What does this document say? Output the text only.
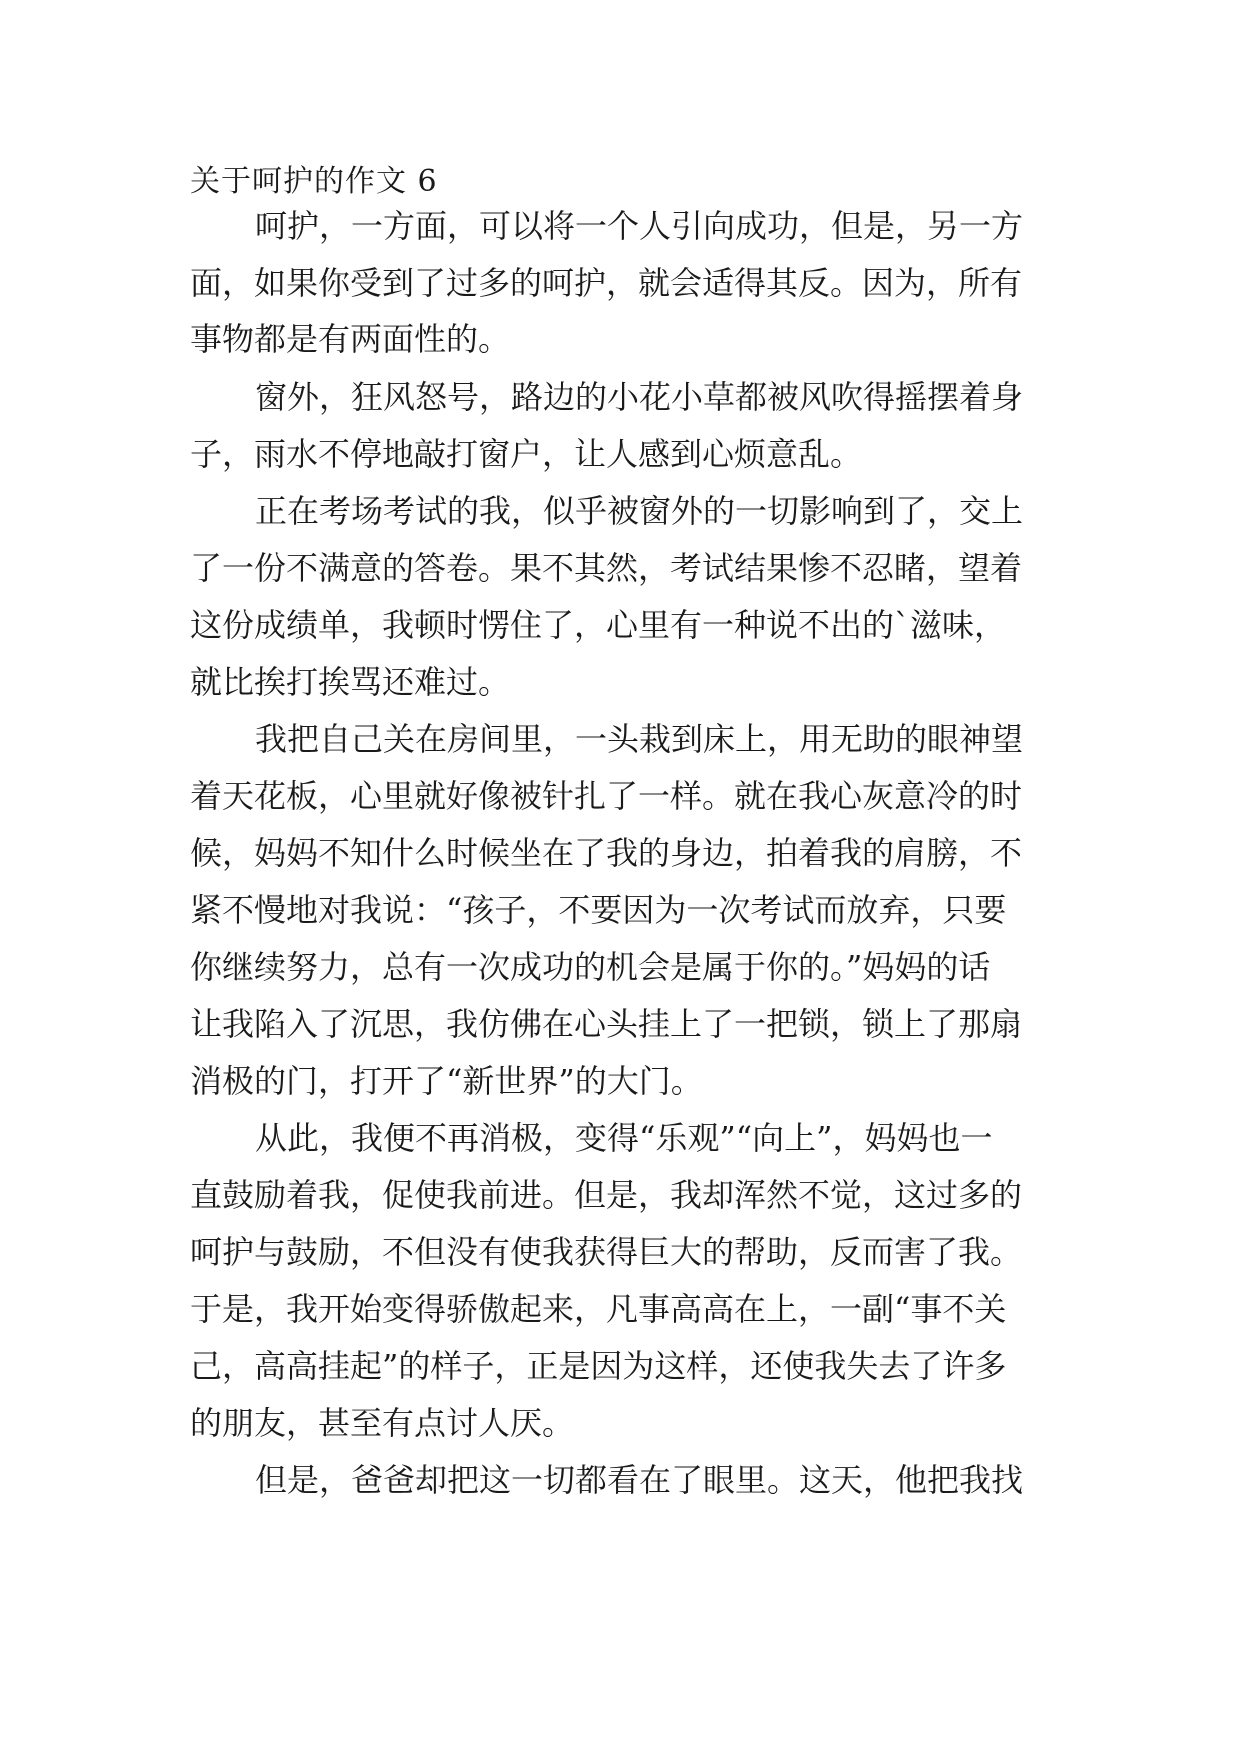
关于呵护的作文 6
呵护，一方面，可以将一个人引向成功，但是，另一方
面，如果你受到了过多的呵护，就会适得其反。因为，所有
事物都是有两面性的。
窗外，狂风怒号，路边的小花小草都被风吹得摇摆着身
子，雨水不停地敲打窗户，让人感到心烦意乱。
正在考场考试的我，似乎被窗外的一切影响到了，交上
了一份不满意的答卷。果不其然，考试结果惨不忍睹，望着
这份成绩单，我顿时愣住了，心里有一种说不出的`滋味，
就比挨打挨骂还难过。
我把自己关在房间里，一头栽到床上，用无助的眼神望
着天花板，心里就好像被针扎了一样。就在我心灰意冷的时
候，妈妈不知什么时候坐在了我的身边，拍着我的肩膀，不
紧不慢地对我说：“孩子，不要因为一次考试而放弃，只要
你继续努力，总有一次成功的机会是属于你的。”妈妈的话
让我陷入了沉思，我仿佛在心头挂上了一把锁，锁上了那扇
消极的门，打开了“新世界”的大门。
从此，我便不再消极，变得“乐观”“向上”，妈妈也一
直鼓励着我，促使我前进。但是，我却浑然不觉，这过多的
呵护与鼓励，不但没有使我获得巨大的帮助，反而害了我。
于是，我开始变得骄傲起来，凡事高高在上，一副“事不关
己，高高挂起”的样子，正是因为这样，还使我失去了许多
的朋友，甚至有点讨人厌。
但是，爸爸却把这一切都看在了眼里。这天，他把我找
